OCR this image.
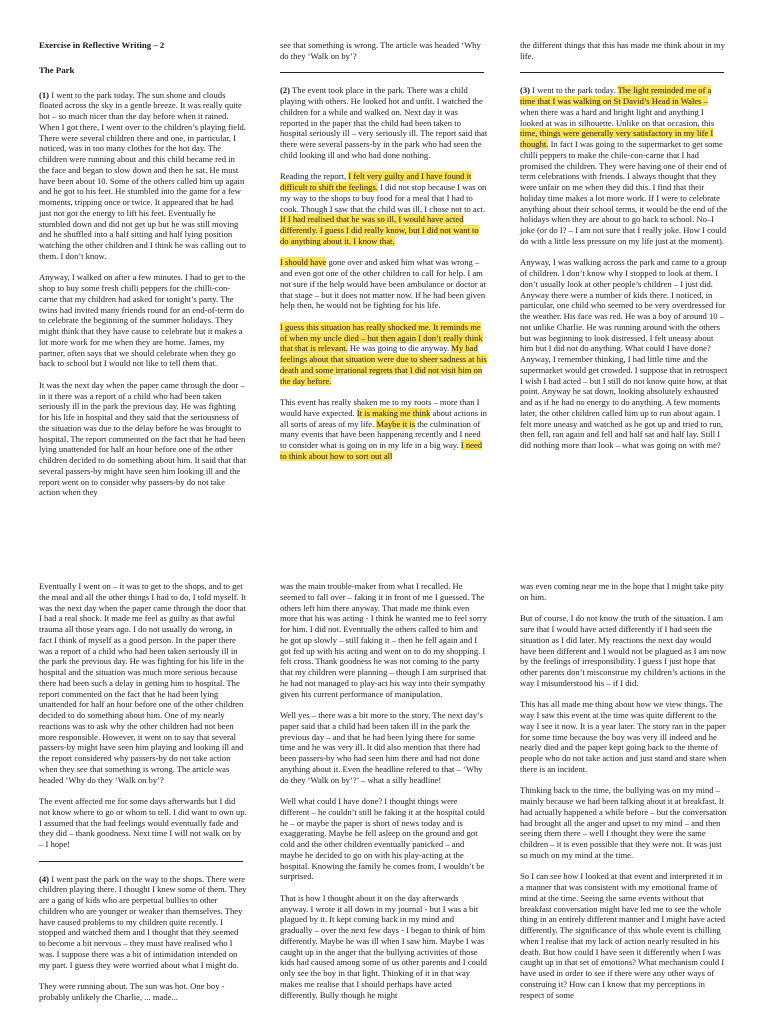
Exercise in Reflective Writing – 2
The Park

(1) I went to the park today. The sun shone and clouds floated across the sky in a gentle breeze. It was really quite hot – so much nicer than the day before when it rained. When I got there, I went over to the children’s playing field. There were several children there and one, in particular, I noticed, was in too many clothes for the hot day. The children were running about and this child became red in the face and began to slow down and then he sat. He must have been about 10. Some of the others called him up again and he got to his feet. He stumbled into the game for a few moments, tripping once or twice. It appeared that he had just not got the energy to lift his feet. Eventually he stumbled down and did not get up but he was still moving and he shuffled into a half sitting and half lying position watching the other children and I think he was calling out to them. I don’t know.

Anyway, I walked on after a few minutes. I had to get to the shop to buy some fresh chilli peppers for the chilli-con-carne that my children had asked for tonight’s party. The twins had invited many friends round for an end-of-term do to celebrate the beginning of the summer holidays. They might think that they have cause to celebrate but it makes a lot more work for me when they are home. James, my partner, often says that we should celebrate when they go back to school but I would not like to tell them that.

It was the next day when the paper came through the door – in it there was a report of a child who had been taken seriously ill in the park the previous day. He was fighting for his life in hospital and they said that the seriousness of the situation was due to the delay before he was brought to hospital. The report commented on the fact that he had been lying unattended for half an hour before one of the other children decided to do something about him. It said that that several passers-by might have seen him looking ill and the report went on to consider why passers-by do not take action when they

see that something is wrong. The article was headed ‘Why do they ‘Walk on by’?

(2) The event took place in the park. There was a child playing with others. He looked hot and unfit. I watched the children for a while and walked on. Next day it was reported in the paper that the child had been taken to hospital seriously ill – very seriously ill. The report said that there were several passers-by in the park who had seen the child looking ill and who had done nothing.

Reading the report, I felt very guilty and I have found it difficult to shift the feelings. I did not stop because I was on my way to the shops to buy food for a meal that I had to cook. Though I saw that the child was ill, I chose not to act. If I had realised that he was so ill, I would have acted differently. I guess I did really know, but I did not want to do anything about it. I know that.

I should have gone over and asked him what was wrong – and even got one of the other children to call for help. I am not sure if the help would have been ambulance or doctor at that stage – but it does not matter now. If he had been given help then, he would not be fighting for his life.

I guess this situation has really shocked me. It reminds me of when my uncle died – but then again I don’t really think that that is relevant. He was going to die anyway. My bad feelings about that situation were due to sheer sadness at his death and some irrational regrets that I did not visit him on the day before.

This event has really shaken me to my roots – more than I would have expected. It is making me think about actions in all sorts of areas of my life. Maybe it is the culmination of many events that have been happening recently and I need to consider what is going on in my life in a big way. I need to think about how to sort out all

the different things that this has made me think about in my life.

(3) I went to the park today. The light reminded me of a time that I was walking on St David’s Head in Wales – when there was a hard and bright light and anything I looked at was in silhouette. Unlike on that occasion, this time, things were generally very satisfactory in my life I thought. In fact I was going to the supermarket to get some chilli peppers to make the chile-con-carne that I had promised the children. They were having one of their end of term celebrations with friends. I always thought that they were unfair on me when they did this. I find that their holiday time makes a lot more work. If I were to celebrate anything about their school terms, it would be the end of the holidays when they are about to go back to school. No–I joke (or do I? – I am not sure that I really joke. How I could do with a little less pressure on my life just at the moment).

Anyway, I was walking across the park and came to a group of children. I don’t know why I stopped to look at them. I don’t usually look at other people’s children – I just did. Anyway there were a number of kids there. I noticed, in particular, one child who seemed to be very overdressed for the weather. His face was red. He was a boy of around 10 – not unlike Charlie. He was running around with the others but was beginning to look distressed. I felt uneasy about him but I did not do anything. What could I have done? Anyway, I remember thinking, I had little time and the supermarket would get crowded. I suppose that in retrospect I wish I had acted – but I still do not know quite how, at that point. Anyway he sat down, looking absolutely exhausted and as if he had no energy to do anything. A few moments later, the other children called him up to run about again. I felt more uneasy and watched as he got up and tried to run, then fell, ran again and fell and half sat and half lay. Still I did nothing more than look – what was going on with me?

Eventually I went on – it was to get to the shops, and to get the meal and all the other things I had to do, I told myself. It was the next day when the paper came through the door that I had a real shock. It made me feel as guilty as that awful trauma all those years ago. I do not usually do wrong, in fact I think of myself as a good person. In the paper there was a report of a child who had been taken seriously ill in the park the previous day. He was fighting for his life in the hospital and the situation was much more serious because there had been such a delay in getting him to hospital. The report commented on the fact that he had been lying unattended for half an hour before one of the other children decided to do something about him. One of my nearly reactions was to ask why the other children had not been more responsible. However, it went on to say that several passers-by might have seen him playing and looking ill and the report considered why passers-by do not take action when they see that something is wrong. The article was headed ‘Why do they ‘Walk on by’?

The event affected me for some days afterwards but I did not know where to go or whom to tell. I did want to own up. I assumed that the bad feelings would eventually fade and they did – thank goodness. Next time I will not walk on by – I hope!

(4) I went past the park on the way to the shops. There were children playing there. I thought I knew some of them. They are a gang of kids who are perpetual bullies to other children who are younger or weaker than themselves. They have caused problems to my children quite recently. I stopped and watched them and I thought that they seemed to become a bit nervous – they must have realised who I was. I suppose there was a bit of intimidation intended on my part. I guess they were worried about what I might do.

They were running about. The sun was hot. One boy - probably unlikely the Charlie, ... made...

was the main trouble-maker from what I recalled. He seemed to fall over – faking it in front of me I guessed. The others left him there anyway. That made me think even more that his was acting - I think he wanted me to feel sorry for him. I did not. Eventually the others called to him and he got up slowly – still faking it – then he fell again and I got fed up with his acting and went on to do my shopping. I felt cross. Thank goodness he was not coming to the party that my children were planning – though I am surprised that he had not managed to play-act his way into their sympathy given his current performance of manipulation.

Well yes – there was a bit more to the story. The next day’s paper said that a child had been taken ill in the park the previous day – and that he had been lying there for some time and he was very ill. It did also mention that there had been passers-by who had seen him there and had not done anything about it. Even the headline refered to that – ‘Why do they ‘Walk on by’?’ – what a silly headline!

Well what could I have done? I thought things were different – he couldn’t still be faking it at the hospital could he – or maybe the paper is short of news today and is exaggerating. Maybe he fell asleep on the ground and got cold and the other children eventually panicked – and maybe he decided to go on with his play-acting at the hospital. Knowing the family he comes from, I wouldn’t be surprised.

That is how I thought about it on the day afterwards anyway. I wrote it all down in my journal - but I was a bit plagued by it. It kept coming back in my mind and gradually – over the next few days - I began to think of him differently. Maybe he was ill when I saw him. Maybe I was caught up in the anger that the bullying activities of those kids had caused among some of us other parents and I could only see the boy in that light. Thinking of it in that way makes me realise that I should perhaps have acted differently. Bully though he might

was even coming near me in the hope that I might take pity on him.

But of course, I do not know the truth of the situation. I am sure that I would have acted differently if I had seen the situation as I did later. My reactions the next day would have been different and I would not be plagued as I am now by the feelings of irresponsibility. I guess I just hope that other parents don’t misconstrue my children’s actions in the way I misunderstood his – if I did.

This has all made me thing about how we view things. The way I saw this event at the time was quite different to the way I see it now. It is a year later. The story ran in the paper for some time because the boy was very ill indeed and he nearly died and the paper kept going back to the theme of people who do not take action and just stand and stare when there is an incident.

Thinking back to the time, the bullying was on my mind – mainly because we had been talking about it at breakfast. It had actually happened a while before – but the conversation had brought all the anger and upset to my mind – and then seeing them there – well I thought they were the same children – it is even possible that they were not. It was just so much on my mind at the time.

So I can see how I looked at that event and interpreted it in a manner that was consistent with my emotional frame of mind at the time. Seeing the same events without that breakfast conversation might have led me to see the whole thing in an entirely different manner and I might have acted differently. The significance of this whole event is chilling when I realise that my lack of action nearly resulted in his death. But how could I have seen it differently when I was caught up in that set of emotions? What mechanism could I have used in order to see if there were any other ways of construing it? How can I know that my perceptions in respect of some
